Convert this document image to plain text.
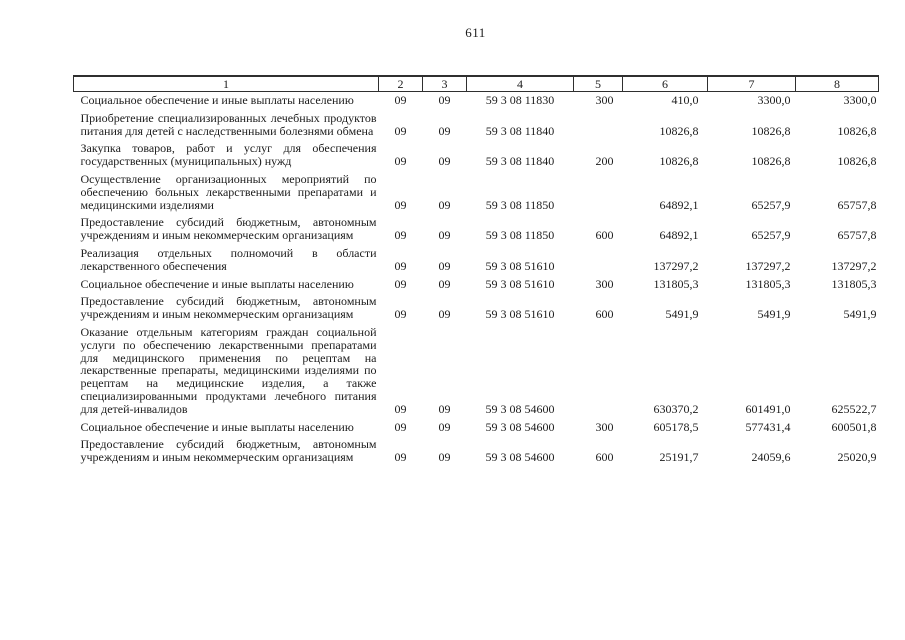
611
1	2	3	4	5	6	7	8
Социальное обеспечение и иные выплаты населению	09	09	59 3 08 11830	300	410,0	3300,0	3300,0
Приобретение специализированных лечебных продуктов питания для детей с наследственными болезнями обмена	09	09	59 3 08 11840		10826,8	10826,8	10826,8
Закупка товаров, работ и услуг для обеспечения государственных (муниципальных) нужд	09	09	59 3 08 11840	200	10826,8	10826,8	10826,8
Осуществление организационных мероприятий по обеспечению больных лекарственными препаратами и медицинскими изделиями	09	09	59 3 08 11850		64892,1	65257,9	65757,8
Предоставление субсидий бюджетным, автономным учреждениям и иным некоммерческим организациям	09	09	59 3 08 11850	600	64892,1	65257,9	65757,8
Реализация отдельных полномочий в области лекарственного обеспечения	09	09	59 3 08 51610		137297,2	137297,2	137297,2
Социальное обеспечение и иные выплаты населению	09	09	59 3 08 51610	300	131805,3	131805,3	131805,3
Предоставление субсидий бюджетным, автономным учреждениям и иным некоммерческим организациям	09	09	59 3 08 51610	600	5491,9	5491,9	5491,9
Оказание отдельным категориям граждан социальной услуги по обеспечению лекарственными препаратами для медицинского применения по рецептам на лекарственные препараты, медицинскими изделиями по рецептам на медицинские изделия, а также специализированными продуктами лечебного питания для детей-инвалидов	09	09	59 3 08 54600		630370,2	601491,0	625522,7
Социальное обеспечение и иные выплаты населению	09	09	59 3 08 54600	300	605178,5	577431,4	600501,8
Предоставление субсидий бюджетным, автономным учреждениям и иным некоммерческим организациям	09	09	59 3 08 54600	600	25191,7	24059,6	25020,9
